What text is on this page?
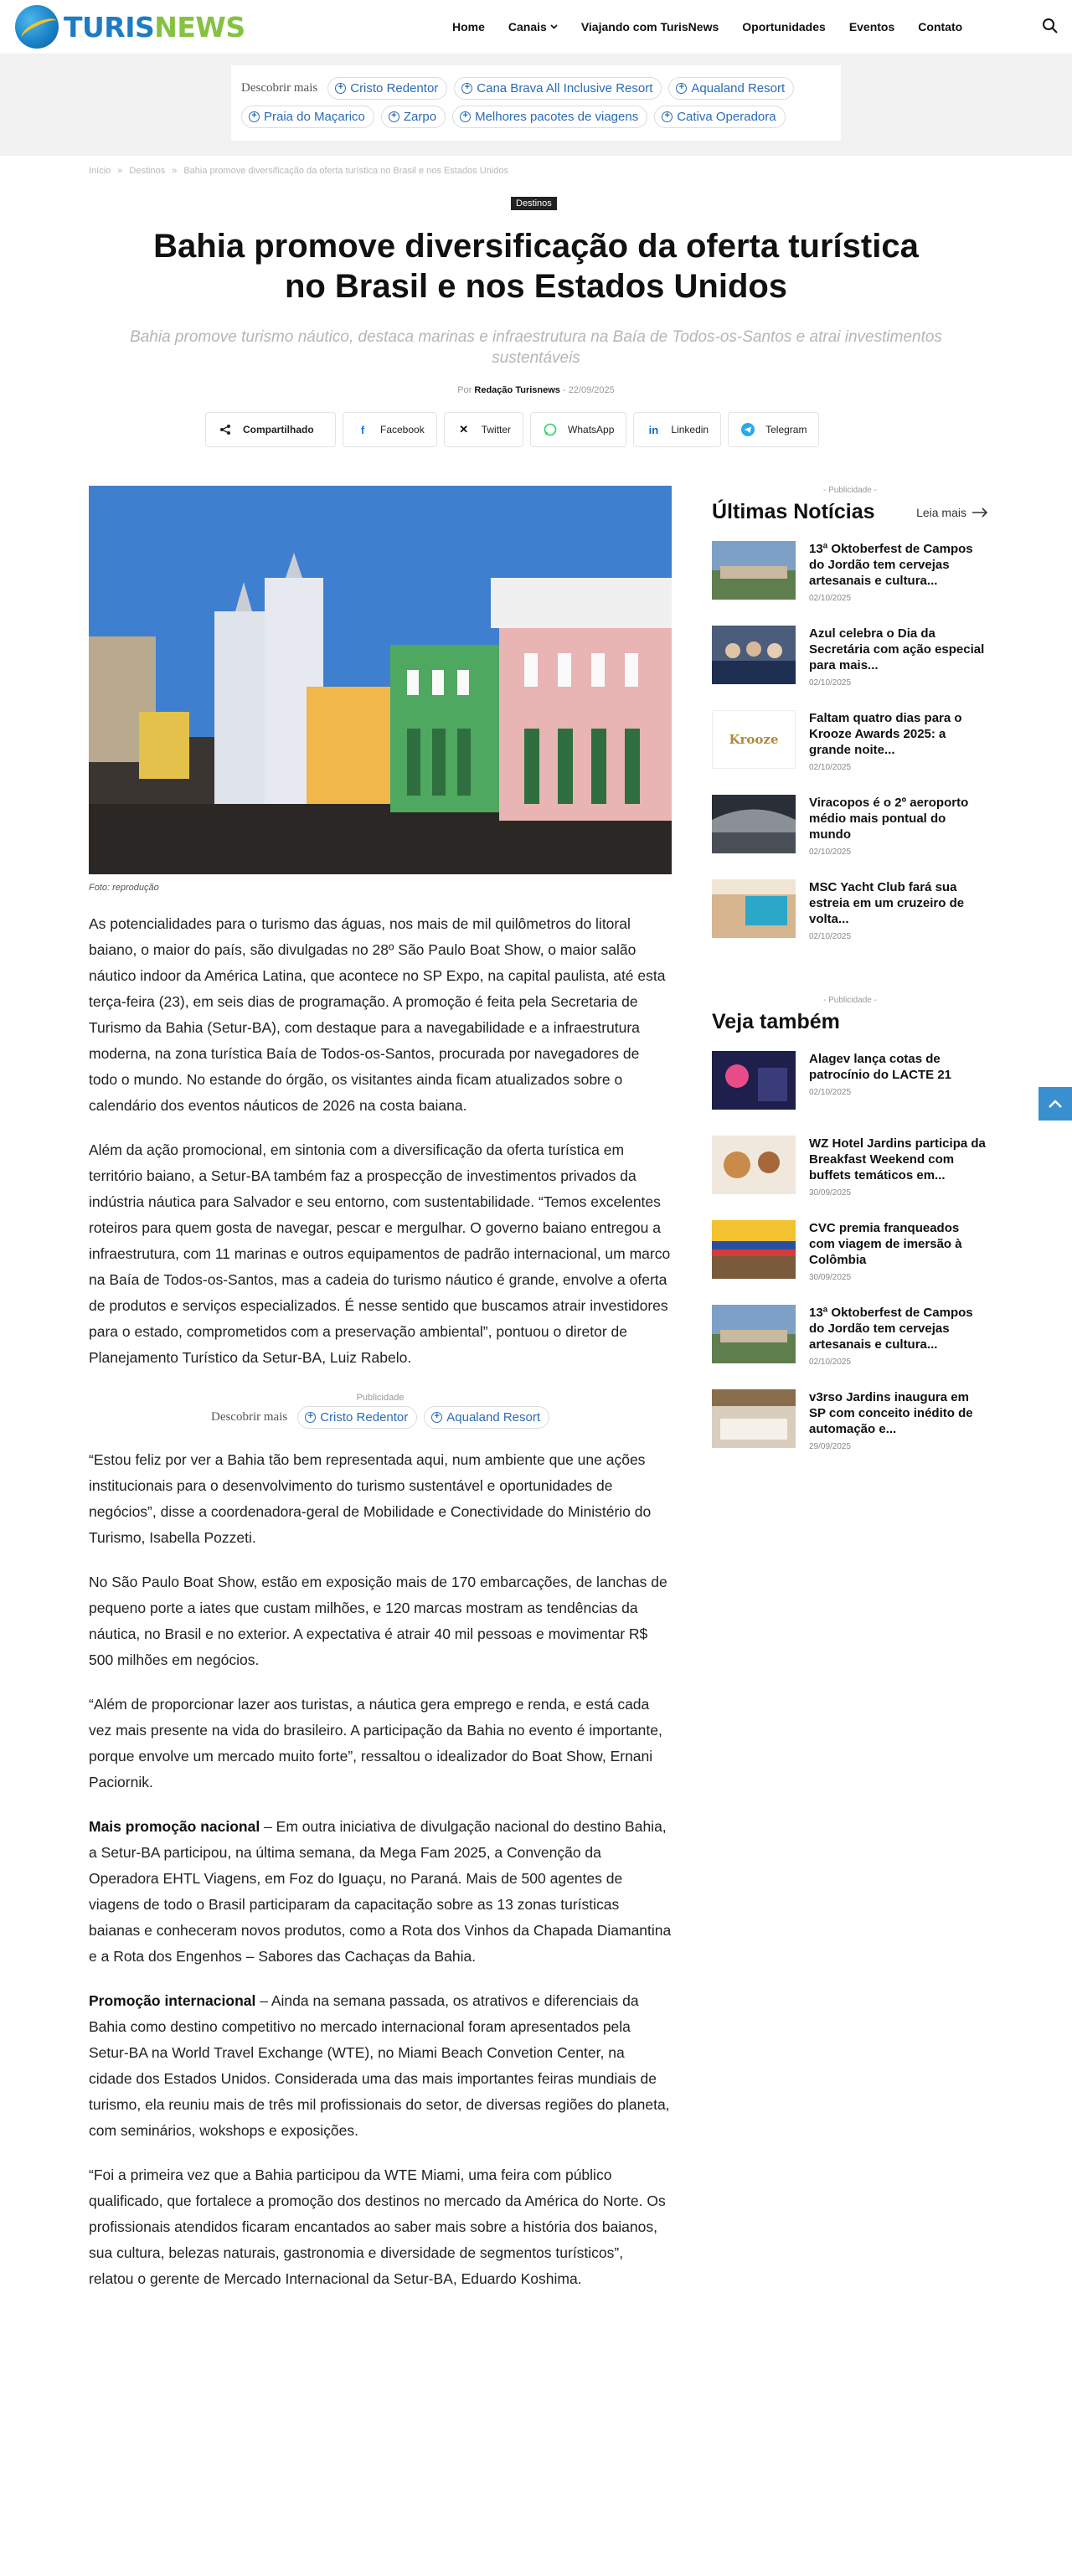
TURISNEWS	Home Canais	Viajando com TurisNews Oportunidades Eventos Contato
Descobrir mais + Cristo Redentor	+ Cana Brava All Inclusive Resort	+ Aqualand Resort
+ Praia do Maçarico	+ Zarpo	+ Melhores pacotes de viagens	+ Cativa Operadora
Início » Destinos » Bahia promove diversificação da oferta turística no Brasil e nos Estados Unidos
Destinos
Bahia promove diversificação da oferta turística no Brasil e nos Estados Unidos
Bahia promove turismo náutico, destaca marinas e infraestrutura na Baía de Todos-os-Santos e atrai investimentos sustentáveis
Por Redação Turisnews - 22/09/2025
Compartilhado	f	Facebook	✕ Twitter	WhatsApp	in Linkedin	Telegram
Foto: reprodução

As potencialidades para o turismo das águas, nos mais de mil quilômetros do litoral baiano, o maior do país, são divulgadas no 28º São Paulo Boat Show, o maior salão náutico indoor da América Latina, que acontece no SP Expo, na capital paulista, até esta terça-feira (23), em seis dias de programação. A promoção é feita pela Secretaria de Turismo da Bahia (Setur-BA), com destaque para a navegabilidade e a infraestrutura moderna, na zona turística Baía de Todos-os-Santos, procurada por navegadores de todo o mundo. No estande do órgão, os visitantes ainda ficam atualizados sobre o calendário dos eventos náuticos de 2026 na costa baiana.

Além da ação promocional, em sintonia com a diversificação da oferta turística em território baiano, a Setur-BA também faz a prospecção de investimentos privados da indústria náutica para Salvador e seu entorno, com sustentabilidade. “Temos excelentes roteiros para quem gosta de navegar, pescar e mergulhar. O governo baiano entregou a infraestrutura, com 11 marinas e outros equipamentos de padrão internacional, um marco na Baía de Todos-os-Santos, mas a cadeia do turismo náutico é grande, envolve a oferta de produtos e serviços especializados. É nesse sentido que buscamos atrair investidores para o estado, comprometidos com a preservação ambiental”, pontuou o diretor de Planejamento Turístico da Setur-BA, Luiz Rabelo.

Publicidade
Descobrir mais + Cristo Redentor	+ Aqualand Resort

“Estou feliz por ver a Bahia tão bem representada aqui, num ambiente que une ações institucionais para o desenvolvimento do turismo sustentável e oportunidades de negócios”, disse a coordenadora-geral de Mobilidade e Conectividade do Ministério do Turismo, Isabella Pozzeti.

No São Paulo Boat Show, estão em exposição mais de 170 embarcações, de lanchas de pequeno porte a iates que custam milhões, e 120 marcas mostram as tendências da náutica, no Brasil e no exterior. A expectativa é atrair 40 mil pessoas e movimentar R$ 500 milhões em negócios.

“Além de proporcionar lazer aos turistas, a náutica gera emprego e renda, e está cada vez mais presente na vida do brasileiro. A participação da Bahia no evento é importante, porque envolve um mercado muito forte”, ressaltou o idealizador do Boat Show, Ernani Paciornik.

Mais promoção nacional – Em outra iniciativa de divulgação nacional do destino Bahia, a Setur-BA participou, na última semana, da Mega Fam 2025, a Convenção da Operadora EHTL Viagens, em Foz do Iguaçu, no Paraná. Mais de 500 agentes de viagens de todo o Brasil participaram da capacitação sobre as 13 zonas turísticas baianas e conheceram novos produtos, como a Rota dos Vinhos da Chapada Diamantina e a Rota dos Engenhos – Sabores das Cachaças da Bahia.

Promoção internacional – Ainda na semana passada, os atrativos e diferenciais da Bahia como destino competitivo no mercado internacional foram apresentados pela Setur-BA na World Travel Exchange (WTE), no Miami Beach Convetion Center, na cidade dos Estados Unidos. Considerada uma das mais importantes feiras mundiais de turismo, ela reuniu mais de três mil profissionais do setor, de diversas regiões do planeta, com seminários, wokshops e exposições.

“Foi a primeira vez que a Bahia participou da WTE Miami, uma feira com público qualificado, que fortalece a promoção dos destinos no mercado da América do Norte. Os profissionais atendidos ficaram encantados ao saber mais sobre a história dos baianos, sua cultura, belezas naturais, gastronomia e diversidade de segmentos turísticos”, relatou o gerente de Mercado Internacional da Setur-BA, Eduardo Koshima.

- Publicidade -
Últimas Notícias	Leia mais
13ª Oktoberfest de Campos do Jordão tem cervejas artesanais e cultura...
02/10/2025
Azul celebra o Dia da Secretária com ação especial para mais...
02/10/2025
Krooze
Faltam quatro dias para o Krooze Awards 2025: a grande noite...
02/10/2025
Viracopos é o 2º aeroporto médio mais pontual do mundo
02/10/2025
MSC Yacht Club fará sua estreia em um cruzeiro de volta...
02/10/2025
- Publicidade -
Veja também
Alagev lança cotas de patrocínio do LACTE 21
02/10/2025
WZ Hotel Jardins participa da Breakfast Weekend com buffets temáticos em...
30/09/2025
CVC premia franqueados com viagem de imersão à Colômbia
30/09/2025
13ª Oktoberfest de Campos do Jordão tem cervejas artesanais e cultura...
02/10/2025
v3rso Jardins inaugura em SP com conceito inédito de automação e...
29/09/2025
